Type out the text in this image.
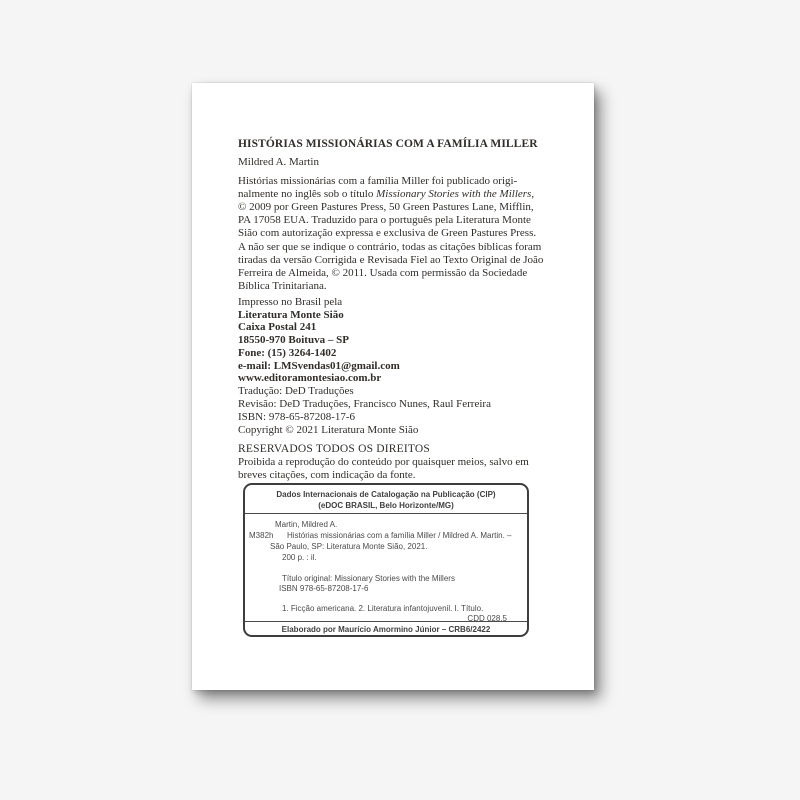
HISTÓRIAS MISSIONÁRIAS COM A FAMÍLIA MILLER
Mildred A. Martin
Histórias missionárias com a família Miller foi publicado origi-
nalmente no inglês sob o título Missionary Stories with the Millers,
© 2009 por Green Pastures Press, 50 Green Pastures Lane, Mifflin,
PA 17058 EUA. Traduzido para o português pela Literatura Monte
Sião com autorização expressa e exclusiva de Green Pastures Press.
A não ser que se indique o contrário, todas as citações bíblicas foram
tiradas da versão Corrigida e Revisada Fiel ao Texto Original de João
Ferreira de Almeida, © 2011. Usada com permissão da Sociedade
Bíblica Trinitariana.
Impresso no Brasil pela
Literatura Monte Sião
Caixa Postal 241
18550-970 Boituva – SP
Fone: (15) 3264-1402
e-mail: LMSvendas01@gmail.com
www.editoramontesiao.com.br
Tradução: DeD Traduções
Revisão: DeD Traduções, Francisco Nunes, Raul Ferreira
ISBN: 978-65-87208-17-6
Copyright © 2021 Literatura Monte Sião
RESERVADOS TODOS OS DIREITOS
Proibida a reprodução do conteúdo por quaisquer meios, salvo em
breves citações, com indicação da fonte.
Dados Internacionais de Catalogação na Publicação (CIP)
(eDOC BRASIL, Belo Horizonte/MG)
Martin, Mildred A.
M382h Histórias missionárias com a família Miller / Mildred A. Martin. –
São Paulo, SP: Literatura Monte Sião, 2021.
200 p. : il.
Título original: Missionary Stories with the Millers
ISBN 978-65-87208-17-6
1. Ficção americana. 2. Literatura infantojuvenil. I. Título.
CDD 028.5
Elaborado por Maurício Amormino Júnior – CRB6/2422
